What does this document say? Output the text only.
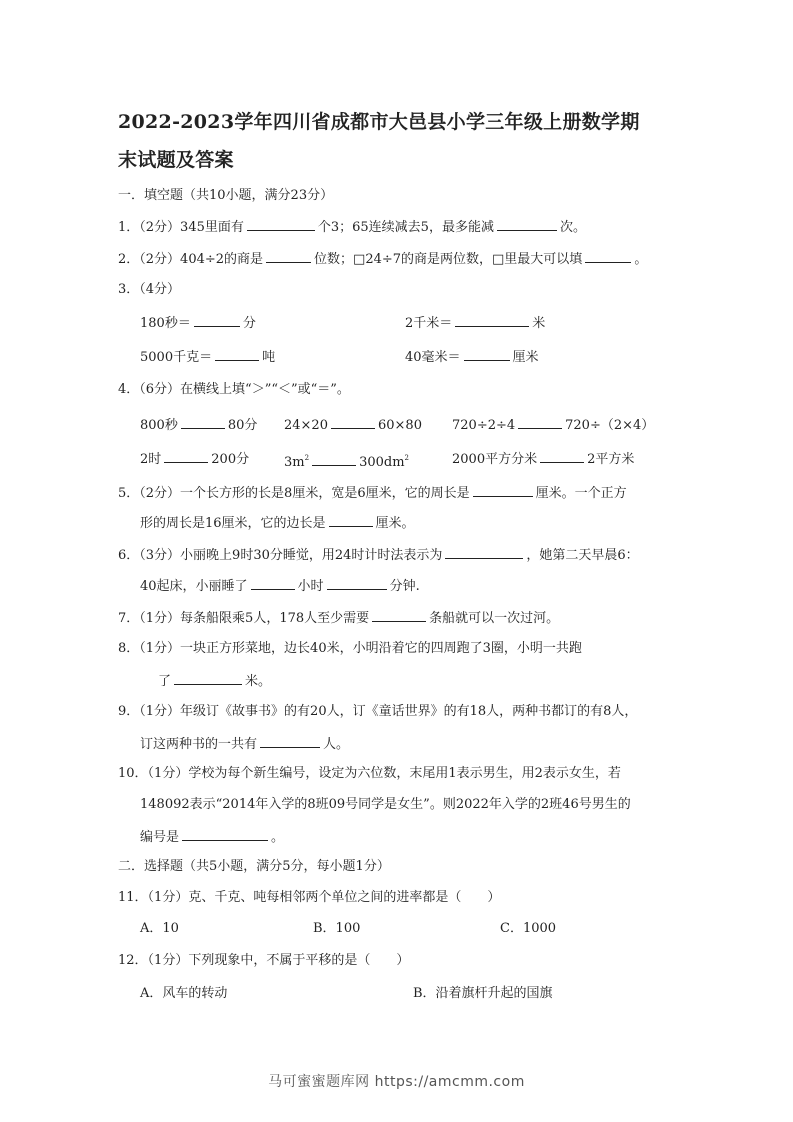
2022-2023学年四川省成都市大邑县小学三年级上册数学期
末试题及答案
一．填空题（共10小题，满分23分）
1．（2分）345里面有	个3；65连续减去5，最多能减	次。
2．（2分）404÷2的商是	位数；□24÷7的商是两位数，□里最大可以填	。
3．（4分）
180秒＝	分	2千米＝	米
5000千克＝	吨	40毫米＝	厘米
4．（6分）在横线上填“＞”“＜”或“＝”。
800秒	80分 24×20	60×80 720÷2÷4	720÷（2×4）
2时	200分	$3m^2$	$300dm^2$	2000平方分米	2平方米
5．（2分）一个长方形的长是8厘米，宽是6厘米，它的周长是	厘米。一个正方
形的周长是16厘米，它的边长是	厘米。
6．（3分）小丽晚上9时30分睡觉，用24时计时法表示为	，她第二天早晨6：
40起床，小丽睡了	小时	分钟.
7．（1分）每条船限乘5人，178人至少需要	条船就可以一次过河。
8．（1分）一块正方形菜地，边长40米，小明沿着它的四周跑了3圈，小明一共跑
了	米。
9．（1分）年级订《故事书》的有20人，订《童话世界》的有18人，两种书都订的有8人，
订这两种书的一共有	人。
10．（1分）学校为每个新生编号，设定为六位数，末尾用1表示男生，用2表示女生，若
148092表示“2014年入学的8班09号同学是女生”。则2022年入学的2班46号男生的
编号是	。
二．选择题（共5小题，满分5分，每小题1分）
11．（1分）克、千克、吨每相邻两个单位之间的进率都是（　　）
A．10	B．100	C．1000
12．（1分）下列现象中，不属于平移的是（　　）
A．风车的转动	B．沿着旗杆升起的国旗
马可蜜蜜题库网 https://amcmm.com
